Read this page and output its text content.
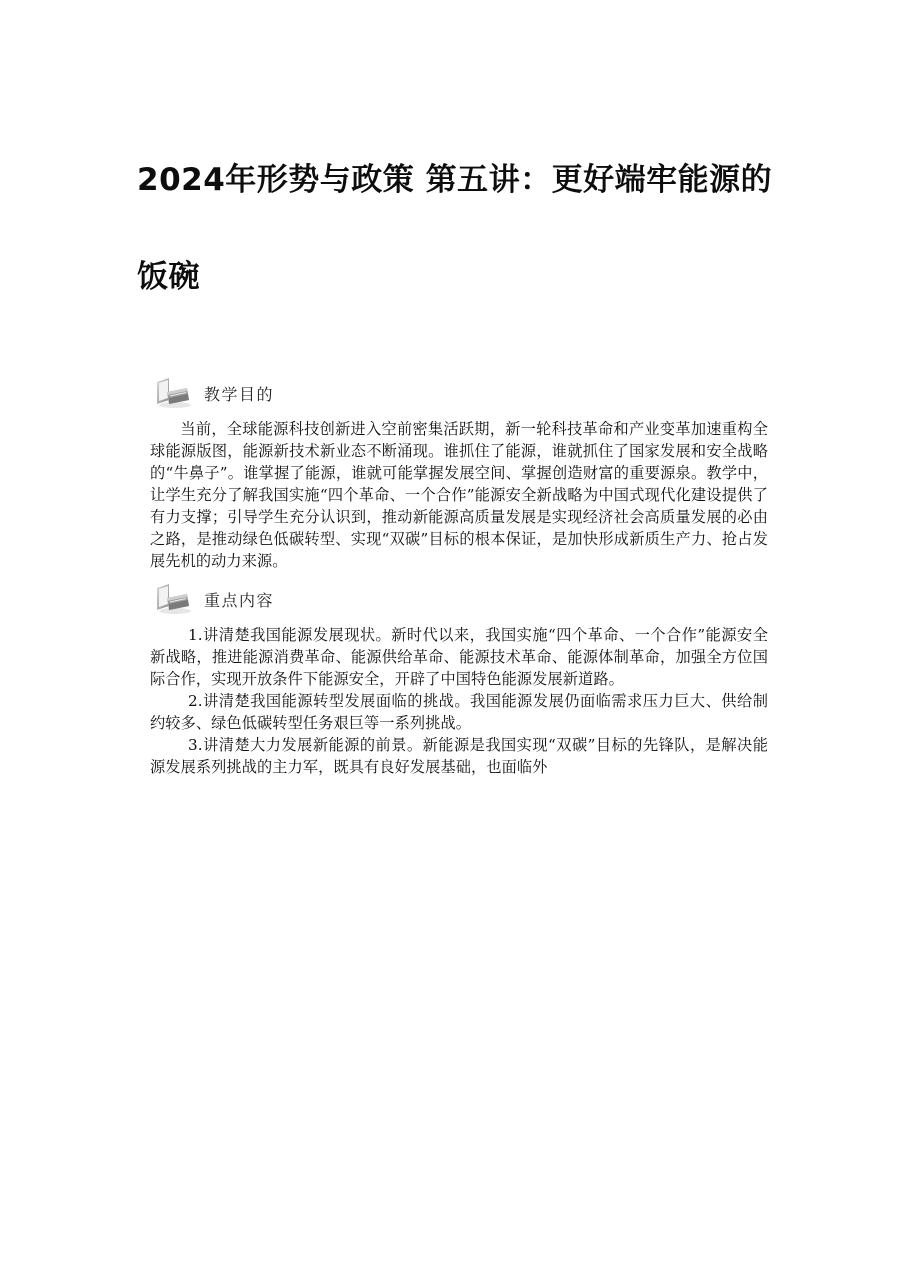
2024年形势与政策 第五讲：更好端牢能源的饭碗
教学目的

当前，全球能源科技创新进入空前密集活跃期，新一轮科技革命和产业变革加速重构全球能源版图，能源新技术新业态不断涌现。谁抓住了能源，谁就抓住了国家发展和安全战略的“牛鼻子”。谁掌握了能源，谁就可能掌握发展空间、掌握创造财富的重要源泉。教学中，让学生充分了解我国实施“四个革命、一个合作”能源安全新战略为中国式现代化建设提供了有力支撑；引导学生充分认识到，推动新能源高质量发展是实现经济社会高质量发展的必由之路，是推动绿色低碳转型、实现“双碳”目标的根本保证，是加快形成新质生产力、抢占发展先机的动力来源。

重点内容

1.讲清楚我国能源发展现状。新时代以来，我国实施“四个革命、一个合作”能源安全新战略，推进能源消费革命、能源供给革命、能源技术革命、能源体制革命，加强全方位国际合作，实现开放条件下能源安全，开辟了中国特色能源发展新道路。

2.讲清楚我国能源转型发展面临的挑战。我国能源发展仍面临需求压力巨大、供给制约较多、绿色低碳转型任务艰巨等一系列挑战。

3.讲清楚大力发展新能源的前景。新能源是我国实现“双碳”目标的先锋队，是解决能源发展系列挑战的主力军，既具有良好发展基础，也面临外
